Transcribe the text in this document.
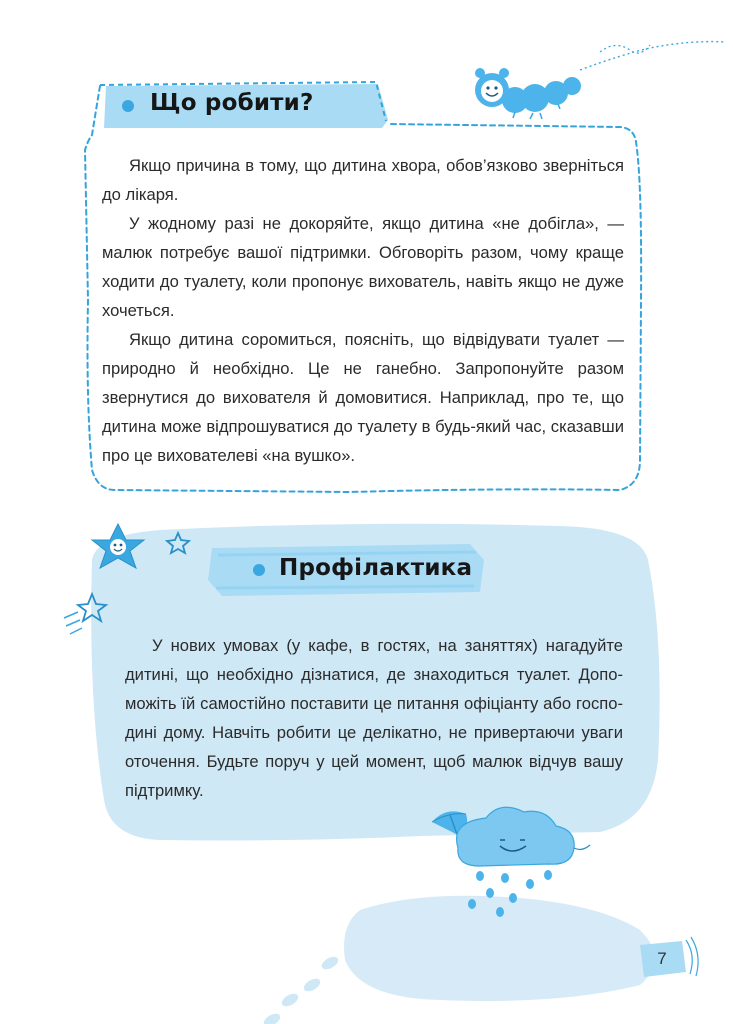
Що робити?

Якщо причина в тому, що дитина хвора, обов’язково зверніться до лікаря.

У жодному разі не докоряйте, якщо дитина «не добігла», — малюк потребує вашої підтримки. Обговоріть разом, чому краще ходити до туалету, коли пропонує вихователь, навіть якщо не дуже хочеться.

Якщо дитина соромиться, поясніть, що відвідувати туалет — природно й необхідно. Це не ганебно. Запропонуйте разом звернутися до вихователя й домовитися. Наприклад, про те, що дитина може відпрошуватися до туалету в будь-який час, сказавши про це вихователеві «на вушко».

Профілактика

У нових умовах (у кафе, в гостях, на заняттях) нагадуйте дитині, що необхідно дізнатися, де знаходиться туалет. Допоможіть їй самостійно поставити це питання офіціанту або господині дому. Навчіть робити це делікатно, не привертаючи уваги оточення. Будьте поруч у цей момент, щоб малюк відчув вашу підтримку.

7
